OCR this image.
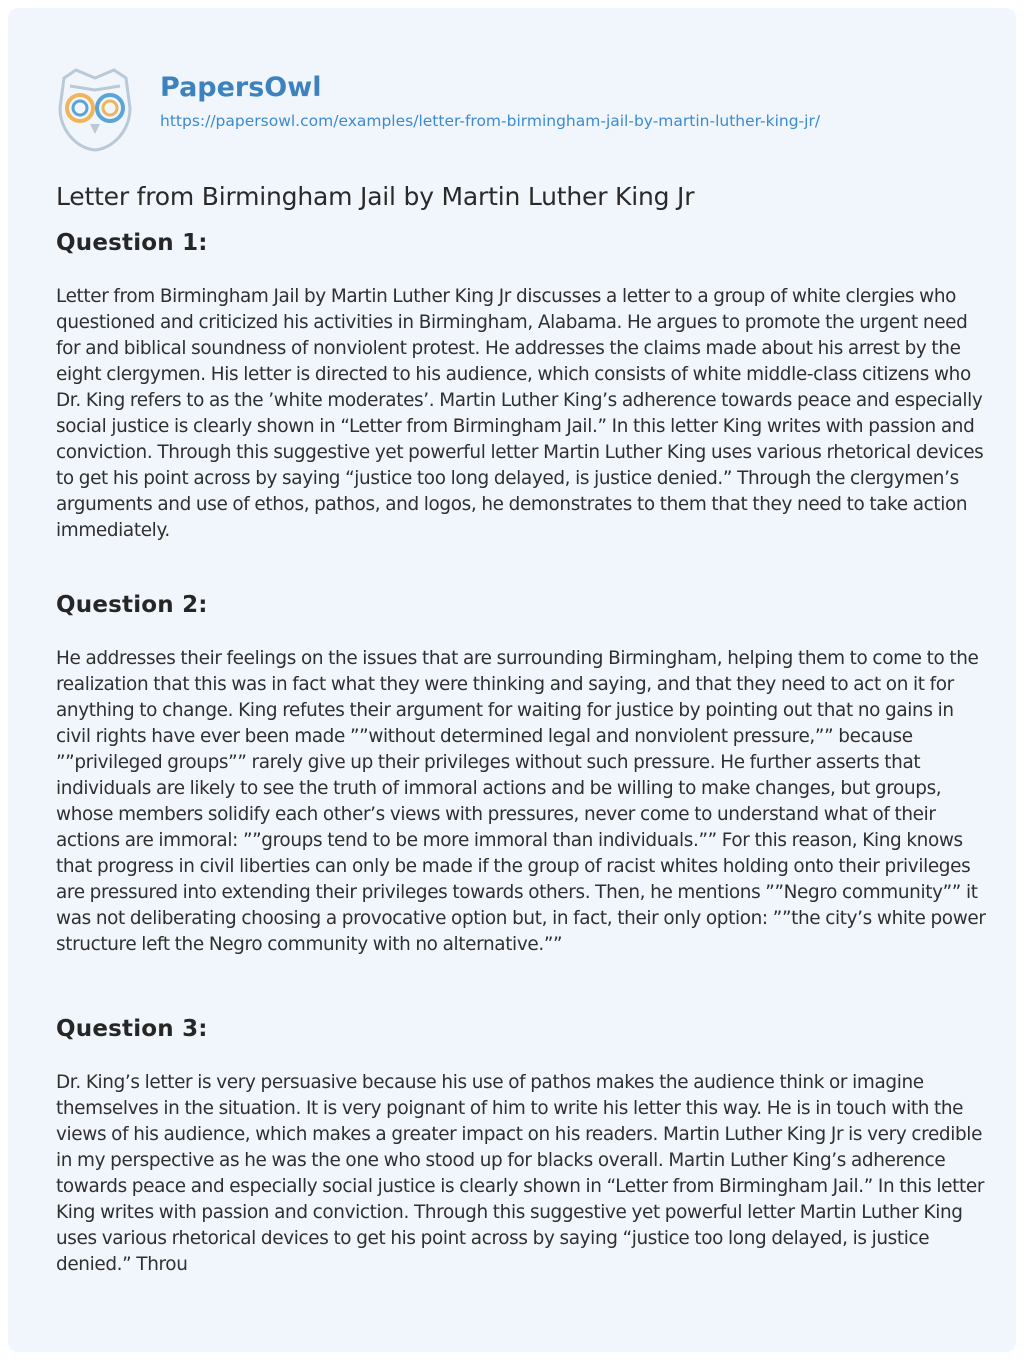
PapersOwl
https://papersowl.com/examples/letter-from-birmingham-jail-by-martin-luther-king-jr/
Letter from Birmingham Jail by Martin Luther King Jr
Question 1:

Letter from Birmingham Jail by Martin Luther King Jr discusses a letter to a group of white clergies who questioned and criticized his activities in Birmingham, Alabama. He argues to promote the urgent need for and biblical soundness of nonviolent protest. He addresses the claims made about his arrest by the eight clergymen. His letter is directed to his audience, which consists of white middle-class citizens who Dr. King refers to as the ’white moderates’. Martin Luther King’s adherence towards peace and especially social justice is clearly shown in “Letter from Birmingham Jail.” In this letter King writes with passion and conviction. Through this suggestive yet powerful letter Martin Luther King uses various rhetorical devices to get his point across by saying “justice too long delayed, is justice denied.” Through the clergymen’s arguments and use of ethos, pathos, and logos, he demonstrates to them that they need to take action immediately.

Question 2:

He addresses their feelings on the issues that are surrounding Birmingham, helping them to come to the realization that this was in fact what they were thinking and saying, and that they need to act on it for anything to change. King refutes their argument for waiting for justice by pointing out that no gains in civil rights have ever been made ””without determined legal and nonviolent pressure,”” because ””privileged groups”” rarely give up their privileges without such pressure. He further asserts that individuals are likely to see the truth of immoral actions and be willing to make changes, but groups, whose members solidify each other’s views with pressures, never come to understand what of their actions are immoral: ””groups tend to be more immoral than individuals.”” For this reason, King knows that progress in civil liberties can only be made if the group of racist whites holding onto their privileges are pressured into extending their privileges towards others. Then, he mentions ””Negro community”” it was not deliberating choosing a provocative option but, in fact, their only option: ””the city’s white power structure left the Negro community with no alternative.””

Question 3:

Dr. King’s letter is very persuasive because his use of pathos makes the audience think or imagine themselves in the situation. It is very poignant of him to write his letter this way. He is in touch with the views of his audience, which makes a greater impact on his readers. Martin Luther King Jr is very credible in my perspective as he was the one who stood up for blacks overall. Martin Luther King’s adherence towards peace and especially social justice is clearly shown in “Letter from Birmingham Jail.” In this letter King writes with passion and conviction. Through this suggestive yet powerful letter Martin Luther King uses various rhetorical devices to get his point across by saying “justice too long delayed, is justice denied.” Throu
